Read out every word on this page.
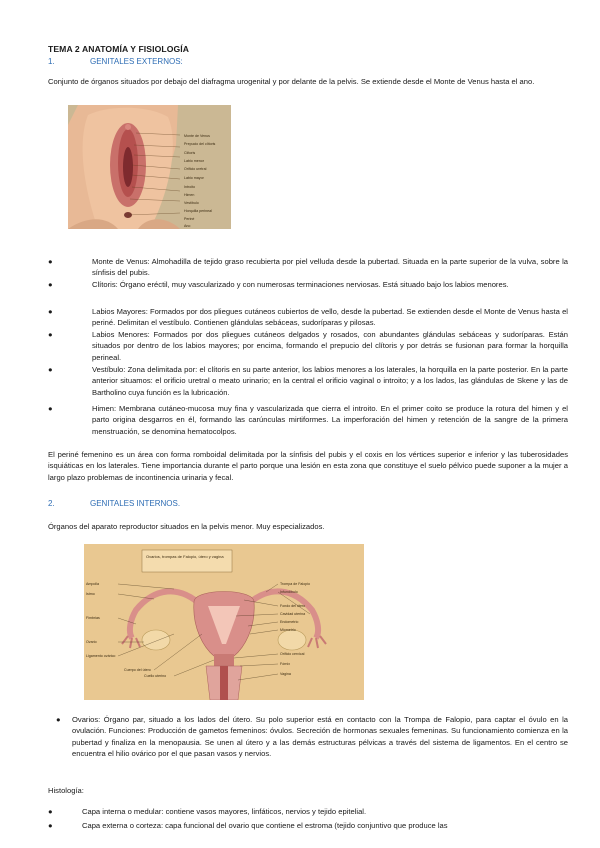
TEMA 2 ANATOMÍA Y FISIOLOGÍA
1.	GENITALES EXTERNOS:
Conjunto de órganos situados por debajo del diafragma urogenital y por delante de la pelvis. Se extiende desde el Monte de Venus hasta el ano.
Monte de Venus
Prepucio del clítoris
Clítoris
Labio menor
Orificio uretral
Labio mayor
Introito
Himen
Vestíbulo
Horquilla perineal
Periné
Ano
●	Monte de Venus: Almohadilla de tejido graso recubierta por piel velluda desde la pubertad. Situada en la parte superior de la vulva, sobre la sínfisis del pubis.
●	Clítoris: Órgano eréctil, muy vascularizado y con numerosas terminaciones nerviosas. Está situado bajo los labios menores.
●	Labios Mayores: Formados por dos pliegues cutáneos cubiertos de vello, desde la pubertad. Se extienden desde el Monte de Venus hasta el periné. Delimitan el vestíbulo. Contienen glándulas sebáceas, sudoríparas y pilosas.
●	Labios Menores: Formados por dos pliegues cutáneos delgados y rosados, con abundantes glándulas sebáceas y sudoríparas. Están situados por dentro de los labios mayores; por encima, formando el prepucio del clítoris y por detrás se fusionan para formar la horquilla perineal.
●	Vestíbulo: Zona delimitada por: el clítoris en su parte anterior, los labios menores a los laterales, la horquilla en la parte posterior. En la parte anterior situamos: el orificio uretral o meato urinario; en la central el orificio vaginal o introito; y a los lados, las glándulas de Skene y las de Bartholino cuya función es la lubricación.
●	Himen: Membrana cutáneo-mucosa muy fina y vascularizada que cierra el introito. En el primer coito se produce la rotura del himen y el parto origina desgarros en él, formando las carúnculas mirtiformes. La imperforación del himen y retención de la sangre de la primera menstruación, se denomina hematocolpos.
El periné femenino es un área con forma romboidal delimitada por la sínfisis del pubis y el coxis en los vértices superior e inferior y las tuberosidades isquiáticas en los laterales. Tiene importancia durante el parto porque una lesión en esta zona que constituye el suelo pélvico puede suponer a la mujer a largo plazo problemas de incontinencia urinaria y fecal.
2.	GENITALES INTERNOS.
Órganos del aparato reproductor situados en la pelvis menor. Muy especializados.
Ovarios, trompas de Falopio, útero y vagina
Ampolla
Istmo
Fimbrias
Ovario
Ligamento ovárico
Cuerpo del útero
Cuello uterino
Trompa de Falopio
Infundíbulo
Fondo del útero
Cavidad uterina
Endometrio
Miometrio
Orificio cervical
Fórnix
Vagina
●	Ovarios: Órgano par, situado a los lados del útero. Su polo superior está en contacto con la Trompa de Falopio, para captar el óvulo en la ovulación. Funciones: Producción de gametos femeninos: óvulos. Secreción de hormonas sexuales femeninas. Su funcionamiento comienza en la pubertad y finaliza en la menopausia. Se unen al útero y a las demás estructuras pélvicas a través del sistema de ligamentos. En el centro se encuentra el hilio ovárico por el que pasan vasos y nervios.
Histología:
●	Capa interna o medular: contiene vasos mayores, linfáticos, nervios y tejido epitelial.
●	Capa externa o corteza: capa funcional del ovario que contiene el estroma (tejido conjuntivo que produce las
